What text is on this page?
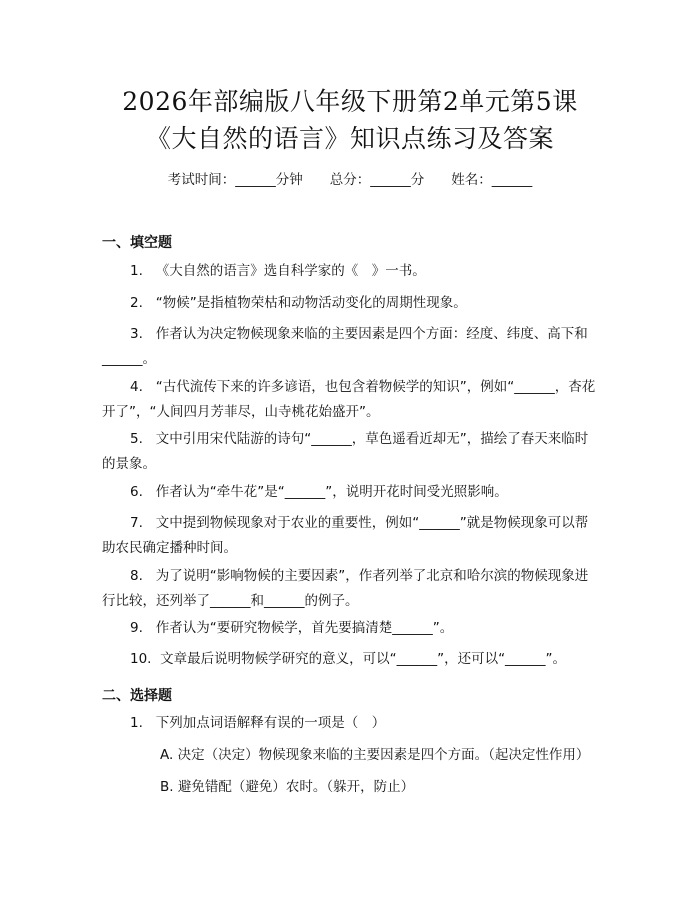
2026年部编版八年级下册第2单元第5课
《大自然的语言》知识点练习及答案
考试时间：______分钟　　总分：______分　　姓名：______
一、填空题
1. 《大自然的语言》选自科学家的《　》一书。
2. “物候”是指植物荣枯和动物活动变化的周期性现象。
3. 作者认为决定物候现象来临的主要因素是四个方面：经度、纬度、高下和______。
4. “古代流传下来的许多谚语，也包含着物候学的知识”，例如“______，杏花开了”，“人间四月芳菲尽，山寺桃花始盛开”。
5. 文中引用宋代陆游的诗句“______，草色遥看近却无”，描绘了春天来临时的景象。
6. 作者认为“牵牛花”是“______”，说明开花时间受光照影响。
7. 文中提到物候现象对于农业的重要性，例如“______”就是物候现象可以帮助农民确定播种时间。
8. 为了说明“影响物候的主要因素”，作者列举了北京和哈尔滨的物候现象进行比较，还列举了______和______的例子。
9. 作者认为“要研究物候学，首先要搞清楚______”。
10. 文章最后说明物候学研究的意义，可以“______”，还可以“______”。
二、选择题
1. 下列加点词语解释有误的一项是（　）
A. 决定（决定）物候现象来临的主要因素是四个方面。（起决定性作用）
B. 避免错配（避免）农时。（躲开，防止）
